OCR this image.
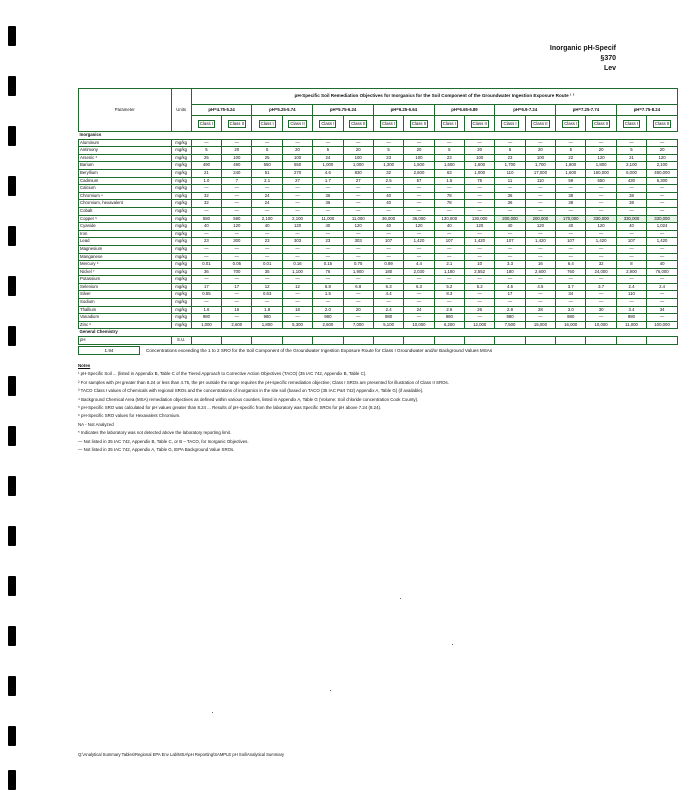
Inorganic pH-Specif
§370
Lev
Parameter	Units	pH-Specific Soil Remediation Objectives for Inorganics for the Soil Component of the Groundwater Ingestion Exposure Route ¹ ²															
		pH=4.75-5.24		pH=5.25-5.74		pH=5.75-6.24		pH=6.25-6.64		pH=6.65-6.89		pH=6.9-7.24		pH=7.25-7.74		pH=7.75-8.24	
		Class I	Class II	Class I	Class II	Class I	Class II	Class I	Class II	Class I	Class II	Class I	Class II	Class I	Class II	Class I	Class II
Inorganics																	
Aluminum	mg/kg	—	—	—	—	—	—	—	—	—	—	—	—	—	—	—	—
Antimony	mg/kg	5	20	5	20	5	20	5	20	5	20	5	20	5	20	5	20
Arsenic ³	mg/kg	25	100	25	100	24	100	23	100	23	100	23	100	22	120	21	120
Barium	mg/kg	490	490	550	550	1,000	1,000	1,300	1,500	1,600	1,600	1,700	1,700	1,800	1,800	2,100	2,100
Beryllium	mg/kg	21	240	51	270	4.6	830	32	2,600	63	1,000	110	17,000	1,600	160,000	6,000	490,000
Cadmium	mg/kg	1.0	7	2.1	27	1.7	27	2.5	57	1.5	75	11	110	59	550	430	6,300
Calcium	mg/kg	—	—	—	—	—	—	—	—	—	—	—	—	—	—	—	—
Chromium ⁴	mg/kg	32	—	24	—	36	—	40	—	78	—	36	—	38	—	38	—
Chromium, hexavalent	mg/kg	32	—	24	—	36	—	40	—	78	—	36	—	38	—	38	—
Cobalt	mg/kg	—	—	—	—	—	—	—	—	—	—	—	—	—	—	—	—
Copper ⁵	mg/kg	580	580	2,100	2,100	11,000	11,000	36,000	36,000	130,000	130,000	200,000	200,000	170,000	330,000	330,000	330,000
Cyanide	mg/kg	40	120	40	120	40	120	40	120	40	120	40	120	40	120	40	1,024
Iron	mg/kg	—	—	—	—	—	—	—	—	—	—	—	—	—	—	—	—
Lead	mg/kg	23	300	23	303	23	303	107	1,420	107	1,420	107	1,420	107	1,420	107	1,420
Magnesium	mg/kg	—	—	—	—	—	—	—	—	—	—	—	—	—	—	—	—
Manganese	mg/kg	—	—	—	—	—	—	—	—	—	—	—	—	—	—	—	—
Mercury ⁶	mg/kg	0.01	0.05	0.01	0.16	0.15	0.75	0.89	4.4	2.1	10	3.3	16	6.4	32	8	40
Nickel ⁷	mg/kg	36	700	35	1,100	76	1,900	180	2,030	1,180	2,552	180	2,600	760	24,000	2,900	76,000
Potassium	mg/kg	—	—	—	—	—	—	—	—	—	—	—	—	—	—	—	—
Selenium	mg/kg	17	17	12	12	6.8	6.8	6.3	6.3	5.2	5.2	4.5	4.5	3.7	3.7	2.4	2.4
Silver	mg/kg	0.55	—	0.63	—	1.5	—	4.4	—	8.3	—	17	—	34	—	110	—
Sodium	mg/kg	—	—	—	—	—	—	—	—	—	—	—	—	—	—	—	—
Thallium	mg/kg	1.6	16	1.8	18	2.0	20	2.4	24	2.6	26	2.8	28	3.0	30	3.4	34
Vanadium	mg/kg	980	—	980	—	980	—	980	—	980	—	980	—	980	—	980	—
Zinc ⁸	mg/kg	1,000	2,600	1,800	5,300	2,600	7,000	5,100	10,000	6,200	12,000	7,500	15,000	16,000	10,000	11,000	100,000
General Chemistry																	
pH	S.U.																
1.94	Concentrations exceeding the 1 to 2 SRO for the Soil Component of the Groundwater Ingestion Exposure Route for Class I Groundwater and/or Background Values MSAs
Notes
¹ pH-Specific Soil ... (listed in Appendix B, Table C of the Tiered Approach to Corrective Action Objectives (TACO) (35 IAC 742, Appendix B, Table C).
² For samples with pH greater than 8.24 or less than 4.75, the pH outside the range requires the pH-specific remediation objective; Class I SROs are presented for illustration of Class II SROs.
³ TACO Class I values of Chemicals with regional SROs and the concentrations of inorganics in the site soil (based on TACO (35 IAC Part 742) Appendix A, Table G) (if available).
⁴ Background Chemical Area (MSA) remediation objectives as defined within various counties, listed in Appendix A, Table G (Volume: Soil chloride concentration Cook County).
⁵ pH-Specific SRO was calculated for pH values greater than 8.24 ... Results of pH-specific from the laboratory was Specific SROs for pH above 7.24 (8.24).
⁶ pH-Specific SRO values for Hexavalent Chromium.
NA - Not Analyzed
* Indicates the laboratory was not detected above the laboratory reporting limit.
— Not listed in 35 IAC 742, Appendix B, Table C, or B – TACO, for Inorganic Objectives.
— Not listed in 35 IAC 742, Appendix A, Table G, IEPA Background Value SROs.
Q:\Analytical Summary Tables\Regional EPA Env Lab\MSA\pH Reporting\SAMPLE pH Soil\Analytical Summary
